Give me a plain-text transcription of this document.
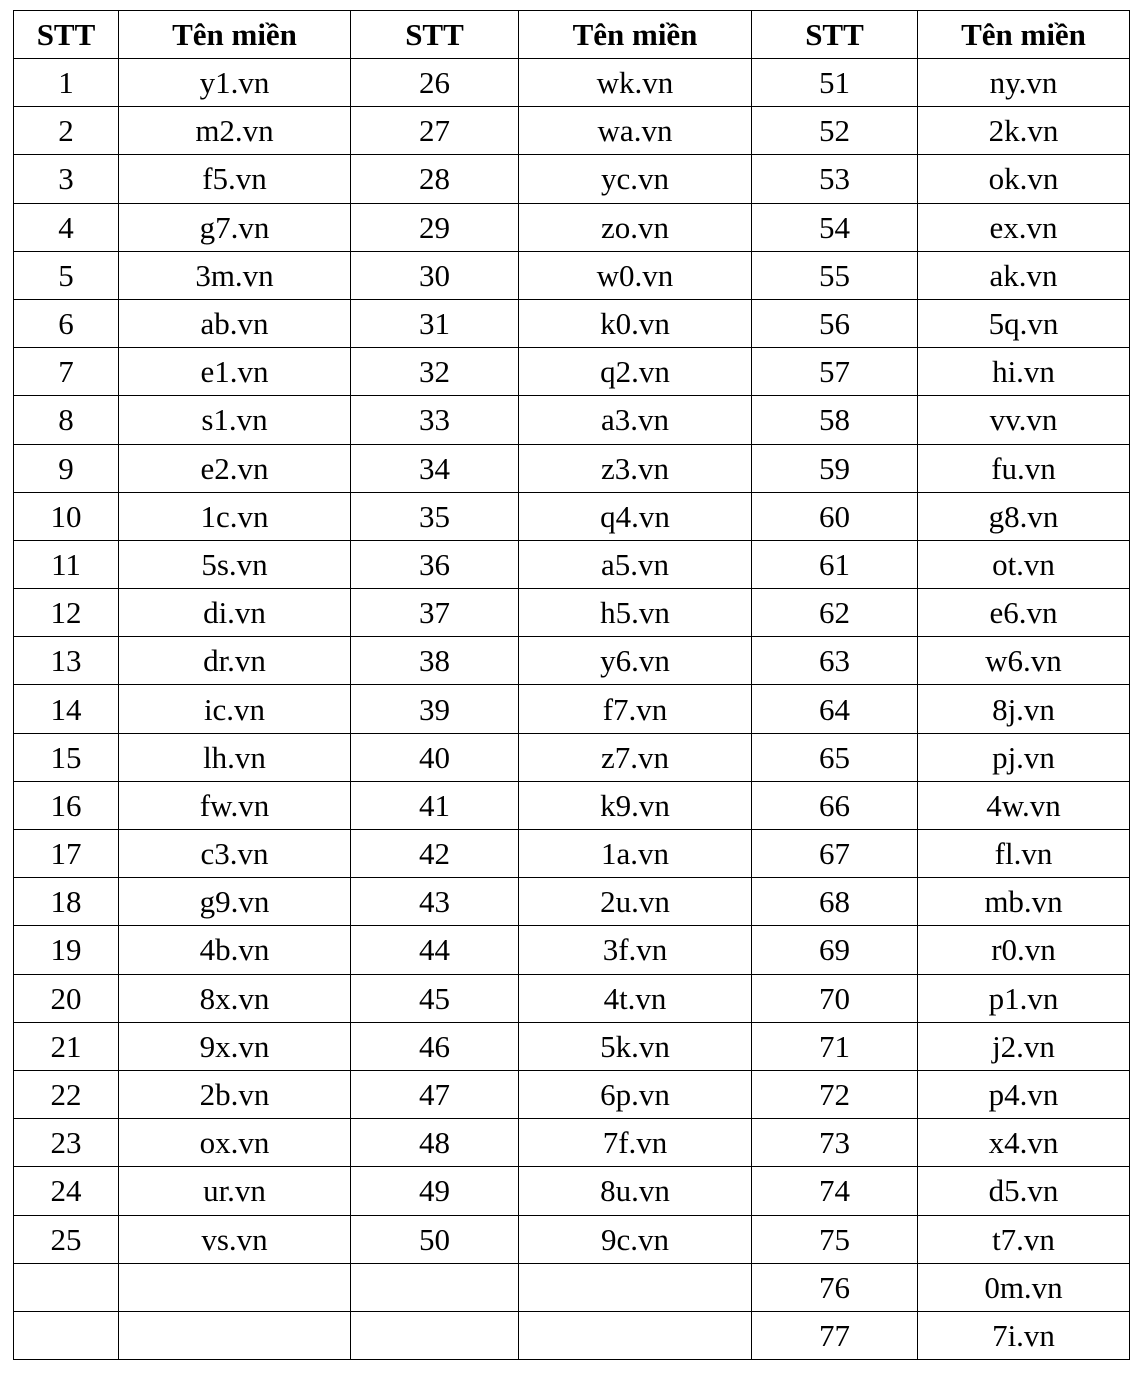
STT	Tên miền	STT	Tên miền	STT	Tên miền
1	y1.vn	26	wk.vn	51	ny.vn
2	m2.vn	27	wa.vn	52	2k.vn
3	f5.vn	28	yc.vn	53	ok.vn
4	g7.vn	29	zo.vn	54	ex.vn
5	3m.vn	30	w0.vn	55	ak.vn
6	ab.vn	31	k0.vn	56	5q.vn
7	e1.vn	32	q2.vn	57	hi.vn
8	s1.vn	33	a3.vn	58	vv.vn
9	e2.vn	34	z3.vn	59	fu.vn
10	1c.vn	35	q4.vn	60	g8.vn
11	5s.vn	36	a5.vn	61	ot.vn
12	di.vn	37	h5.vn	62	e6.vn
13	dr.vn	38	y6.vn	63	w6.vn
14	ic.vn	39	f7.vn	64	8j.vn
15	lh.vn	40	z7.vn	65	pj.vn
16	fw.vn	41	k9.vn	66	4w.vn
17	c3.vn	42	1a.vn	67	fl.vn
18	g9.vn	43	2u.vn	68	mb.vn
19	4b.vn	44	3f.vn	69	r0.vn
20	8x.vn	45	4t.vn	70	p1.vn
21	9x.vn	46	5k.vn	71	j2.vn
22	2b.vn	47	6p.vn	72	p4.vn
23	ox.vn	48	7f.vn	73	x4.vn
24	ur.vn	49	8u.vn	74	d5.vn
25	vs.vn	50	9c.vn	75	t7.vn
				76	0m.vn
				77	7i.vn
